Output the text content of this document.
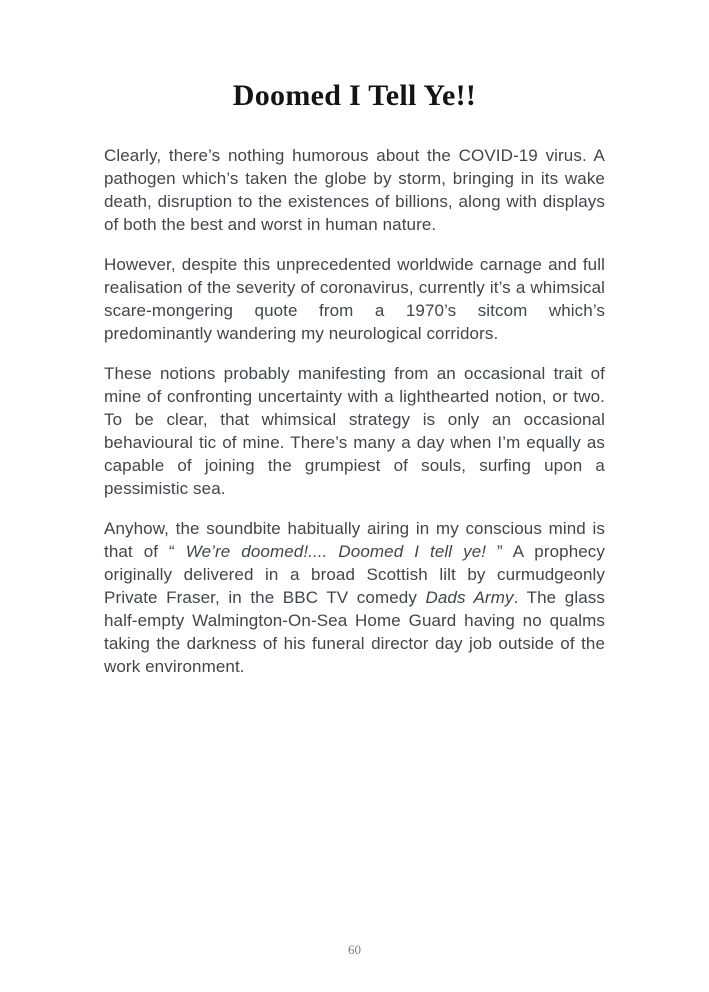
Doomed I Tell Ye!!

Clearly, there’s nothing humorous about the COVID-19 virus. A pathogen which’s taken the globe by storm, bringing in its wake death, disruption to the existences of billions, along with displays of both the best and worst in human nature.

However, despite this unprecedented worldwide carnage and full realisation of the severity of coronavirus, currently it’s a whimsical scare-mongering quote from a 1970’s sitcom which’s predominantly wandering my neurological corridors.

These notions probably manifesting from an occasional trait of mine of confronting uncertainty with a lighthearted notion, or two. To be clear, that whimsical strategy is only an occasional behavioural tic of mine. There’s many a day when I’m equally as capable of joining the grumpiest of souls, surfing upon a pessimistic sea.

Anyhow, the soundbite habitually airing in my conscious mind is that of “ We’re doomed!.... Doomed I tell ye! ” A prophecy originally delivered in a broad Scottish lilt by curmudgeonly Private Fraser, in the BBC TV comedy Dads Army. The glass half-empty Walmington-On-Sea Home Guard having no qualms taking the darkness of his funeral director day job outside of the work environment.

60
